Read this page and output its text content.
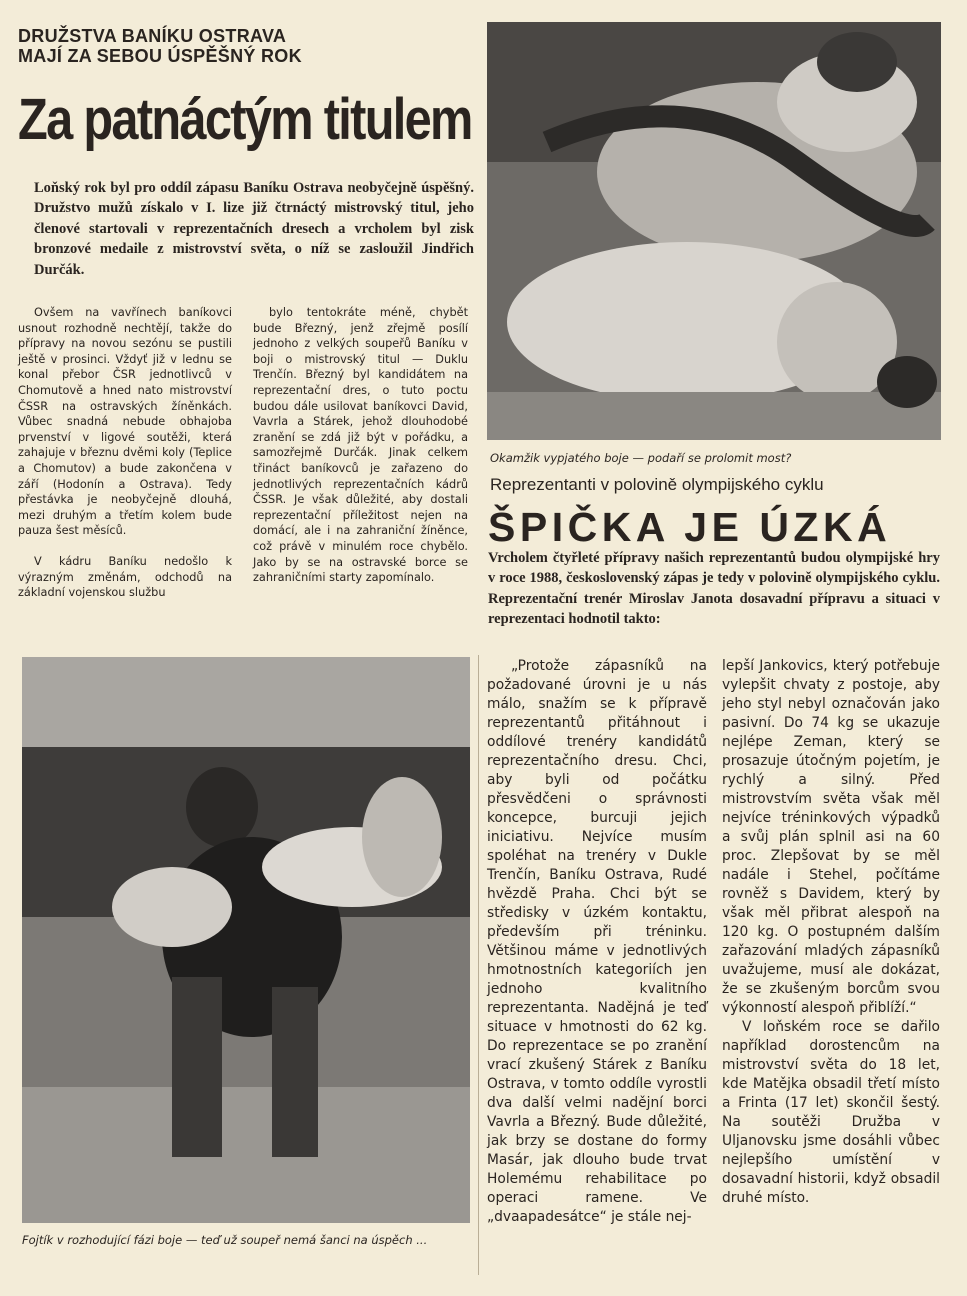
DRUŽSTVA BANÍKU OSTRAVA
MAJÍ ZA SEBOU ÚSPĚŠNÝ ROK
Za patnáctým titulem

Loňský rok byl pro oddíl zápasu Baníku Ostrava neobyčejně úspěšný. Družstvo mužů získalo v I. lize již čtrnáctý mistrovský titul, jeho členové startovali v reprezentačních dresech a vrcholem byl zisk bronzové medaile z mistrovství světa, o níž se zasloužil Jindřich Durčák.

Ovšem na vavřínech baníkovci usnout rozhodně nechtějí, takže do přípravy na novou sezónu se pustili ještě v prosinci. Vždyť již v lednu se konal přebor ČSR jednotlivců v Chomutově a hned nato mistrovství ČSSR na ostravských žíněnkách. Vůbec snadná nebude obhajoba prvenství v ligové soutěži, která zahajuje v březnu dvěmi koly (Teplice a Chomutov) a bude zakončena v září (Hodonín a Ostrava). Tedy přestávka je neobyčejně dlouhá, mezi druhým a třetím kolem bude pauza šest měsíců.

V kádru Baníku nedošlo k výrazným změnám, odchodů na základní vojenskou službu

bylo tentokráte méně, chybět bude Březný, jenž zřejmě posílí jednoho z velkých soupeřů Baníku v boji o mistrovský titul — Duklu Trenčín. Březný byl kandidátem na reprezentační dres, o tuto poctu budou dále usilovat baníkovci David, Vavrla a Stárek, jehož dlouhodobé zranění se zdá již být v pořádku, a samozřejmě Durčák. Jinak celkem třináct baníkovců je zařazeno do jednotlivých reprezentačních kádrů ČSSR. Je však důležité, aby dostali reprezentační příležitost nejen na domácí, ale i na zahraniční žíněnce, což právě v minulém roce chybělo. Jako by se na ostravské borce se zahraničními starty zapomínalo.

Okamžik vypjatého boje — podaří se prolomit most?

Reprezentanti v polovině olympijského cyklu
ŠPIČKA JE ÚZKÁ

Vrcholem čtyřleté přípravy našich reprezentantů budou olympijské hry v roce 1988, československý zápas je tedy v polovině olympijského cyklu. Reprezentační trenér Miroslav Janota dosavadní přípravu a situaci v reprezentaci hodnotil takto:

Fojtík v rozhodující fázi boje — teď už soupeř nemá šanci na úspěch ...

„Protože zápasníků na požadované úrovni je u nás málo, snažím se k přípravě reprezentantů přitáhnout i oddílové trenéry kandidátů reprezentačního dresu. Chci, aby byli od počátku přesvědčeni o správnosti koncepce, burcuji jejich iniciativu. Nejvíce musím spoléhat na trenéry v Dukle Trenčín, Baníku Ostrava, Rudé hvězdě Praha. Chci být se středisky v úzkém kontaktu, především při tréninku. Většinou máme v jednotlivých hmotnostních kategoriích jen jednoho kvalitního reprezentanta. Nadějná je teď situace v hmotnosti do 62 kg. Do reprezentace se po zranění vrací zkušený Stárek z Baníku Ostrava, v tomto oddíle vyrostli dva další velmi nadějní borci Vavrla a Březný. Bude důležité, jak brzy se dostane do formy Masár, jak dlouho bude trvat Holemému rehabilitace po operaci ramene. Ve „dvaapadesátce“ je stále nej-

lepší Jankovics, který potřebuje vylepšit chvaty z postoje, aby jeho styl nebyl označován jako pasivní. Do 74 kg se ukazuje nejlépe Zeman, který se prosazuje útočným pojetím, je rychlý a silný. Před mistrovstvím světa však měl nejvíce tréninkových výpadků a svůj plán splnil asi na 60 proc. Zlepšovat by se měl nadále i Stehel, počítáme rovněž s Davidem, který by však měl přibrat alespoň na 120 kg. O postupném dalším zařazování mladých zápasníků uvažujeme, musí ale dokázat, že se zkušeným borcům svou výkonností alespoň přiblíží.“

V loňském roce se dařilo například dorostencům na mistrovství světa do 18 let, kde Matějka obsadil třetí místo a Frinta (17 let) skončil šestý. Na soutěži Družba v Uljanovsku jsme dosáhli vůbec nejlepšího umístění v dosavadní historii, když obsadil druhé místo.
